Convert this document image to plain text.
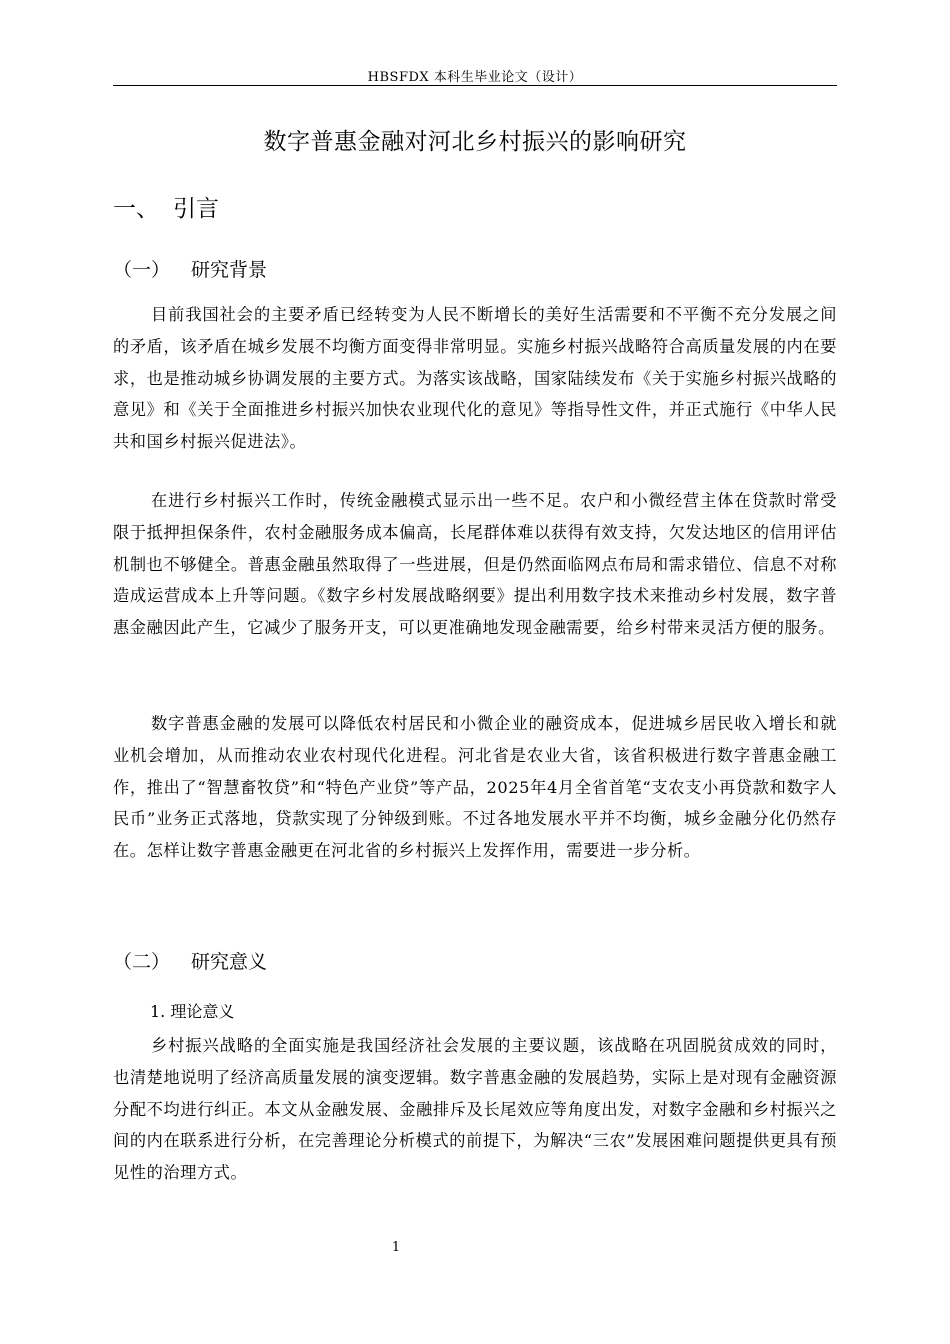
HBSFDX 本科生毕业论文（设计）
数字普惠金融对河北乡村振兴的影响研究
一、 引言
（一） 研究背景

目前我国社会的主要矛盾已经转变为人民不断增长的美好生活需要和不平衡不充分发展之间的矛盾，该矛盾在城乡发展不均衡方面变得非常明显。实施乡村振兴战略符合高质量发展的内在要求，也是推动城乡协调发展的主要方式。为落实该战略，国家陆续发布《关于实施乡村振兴战略的意见》和《关于全面推进乡村振兴加快农业现代化的意见》等指导性文件，并正式施行《中华人民共和国乡村振兴促进法》。

在进行乡村振兴工作时，传统金融模式显示出一些不足。农户和小微经营主体在贷款时常受限于抵押担保条件，农村金融服务成本偏高，长尾群体难以获得有效支持，欠发达地区的信用评估机制也不够健全。普惠金融虽然取得了一些进展，但是仍然面临网点布局和需求错位、信息不对称造成运营成本上升等问题。《数字乡村发展战略纲要》提出利用数字技术来推动乡村发展，数字普惠金融因此产生，它减少了服务开支，可以更准确地发现金融需要，给乡村带来灵活方便的服务。

数字普惠金融的发展可以降低农村居民和小微企业的融资成本，促进城乡居民收入增长和就业机会增加，从而推动农业农村现代化进程。河北省是农业大省，该省积极进行数字普惠金融工作，推出了“智慧畜牧贷”和“特色产业贷”等产品，2025年4月全省首笔“支农支小再贷款和数字人民币”业务正式落地，贷款实现了分钟级到账。不过各地发展水平并不均衡，城乡金融分化仍然存在。怎样让数字普惠金融更在河北省的乡村振兴上发挥作用，需要进一步分析。

（二） 研究意义
1. 理论意义

乡村振兴战略的全面实施是我国经济社会发展的主要议题，该战略在巩固脱贫成效的同时，也清楚地说明了经济高质量发展的演变逻辑。数字普惠金融的发展趋势，实际上是对现有金融资源分配不均进行纠正。本文从金融发展、金融排斥及长尾效应等角度出发，对数字金融和乡村振兴之间的内在联系进行分析，在完善理论分析模式的前提下，为解决“三农”发展困难问题提供更具有预见性的治理方式。

1
